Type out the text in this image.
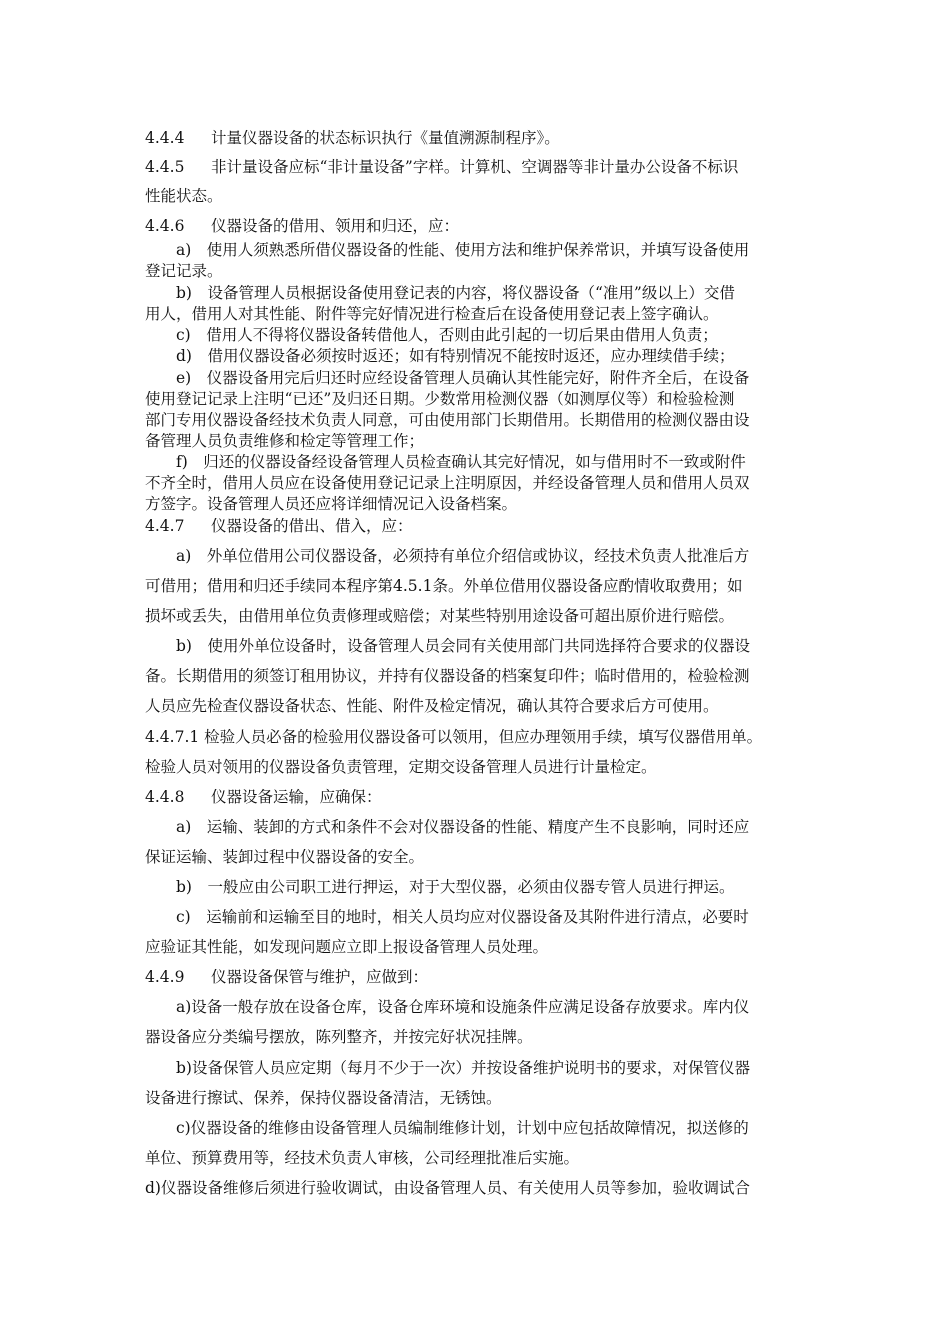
4.4.4 计量仪器设备的状态标识执行《量值溯源制程序》。
4.4.5 非计量设备应标“非计量设备”字样。计算机、空调器等非计量办公设备不标识
性能状态。
4.4.6 仪器设备的借用、领用和归还，应：
a)　使用人须熟悉所借仪器设备的性能、使用方法和维护保养常识，并填写设备使用
登记记录。
b)　设备管理人员根据设备使用登记表的内容，将仪器设备（“准用”级以上）交借
用人，借用人对其性能、附件等完好情况进行检查后在设备使用登记表上签字确认。
c)　借用人不得将仪器设备转借他人，否则由此引起的一切后果由借用人负责；
d)　借用仪器设备必须按时返还；如有特别情况不能按时返还，应办理续借手续；
e)　仪器设备用完后归还时应经设备管理人员确认其性能完好，附件齐全后，在设备
使用登记记录上注明“已还”及归还日期。少数常用检测仪器（如测厚仪等）和检验检测
部门专用仪器设备经技术负责人同意，可由使用部门长期借用。长期借用的检测仪器由设
备管理人员负责维修和检定等管理工作；
f)　归还的仪器设备经设备管理人员检查确认其完好情况，如与借用时不一致或附件
不齐全时，借用人员应在设备使用登记记录上注明原因，并经设备管理人员和借用人员双
方签字。设备管理人员还应将详细情况记入设备档案。
4.4.7 仪器设备的借出、借入，应：
a)　外单位借用公司仪器设备，必须持有单位介绍信或协议，经技术负责人批准后方
可借用；借用和归还手续同本程序第4.5.1条。外单位借用仪器设备应酌情收取费用；如
损坏或丢失，由借用单位负责修理或赔偿；对某些特别用途设备可超出原价进行赔偿。
b)　使用外单位设备时，设备管理人员会同有关使用部门共同选择符合要求的仪器设
备。长期借用的须签订租用协议，并持有仪器设备的档案复印件；临时借用的，检验检测
人员应先检查仪器设备状态、性能、附件及检定情况，确认其符合要求后方可使用。
4.4.7.1 检验人员必备的检验用仪器设备可以领用，但应办理领用手续，填写仪器借用单。
检验人员对领用的仪器设备负责管理，定期交设备管理人员进行计量检定。
4.4.8 仪器设备运输，应确保：
a)　运输、装卸的方式和条件不会对仪器设备的性能、精度产生不良影响，同时还应
保证运输、装卸过程中仪器设备的安全。
b)　一般应由公司职工进行押运，对于大型仪器，必须由仪器专管人员进行押运。
c)　运输前和运输至目的地时，相关人员均应对仪器设备及其附件进行清点，必要时
应验证其性能，如发现问题应立即上报设备管理人员处理。
4.4.9 仪器设备保管与维护，应做到：
a)设备一般存放在设备仓库，设备仓库环境和设施条件应满足设备存放要求。库内仪
器设备应分类编号摆放，陈列整齐，并按完好状况挂牌。
b)设备保管人员应定期（每月不少于一次）并按设备维护说明书的要求，对保管仪器
设备进行擦试、保养，保持仪器设备清洁，无锈蚀。
c)仪器设备的维修由设备管理人员编制维修计划，计划中应包括故障情况，拟送修的
单位、预算费用等，经技术负责人审核，公司经理批准后实施。
d)仪器设备维修后须进行验收调试，由设备管理人员、有关使用人员等参加，验收调试合
